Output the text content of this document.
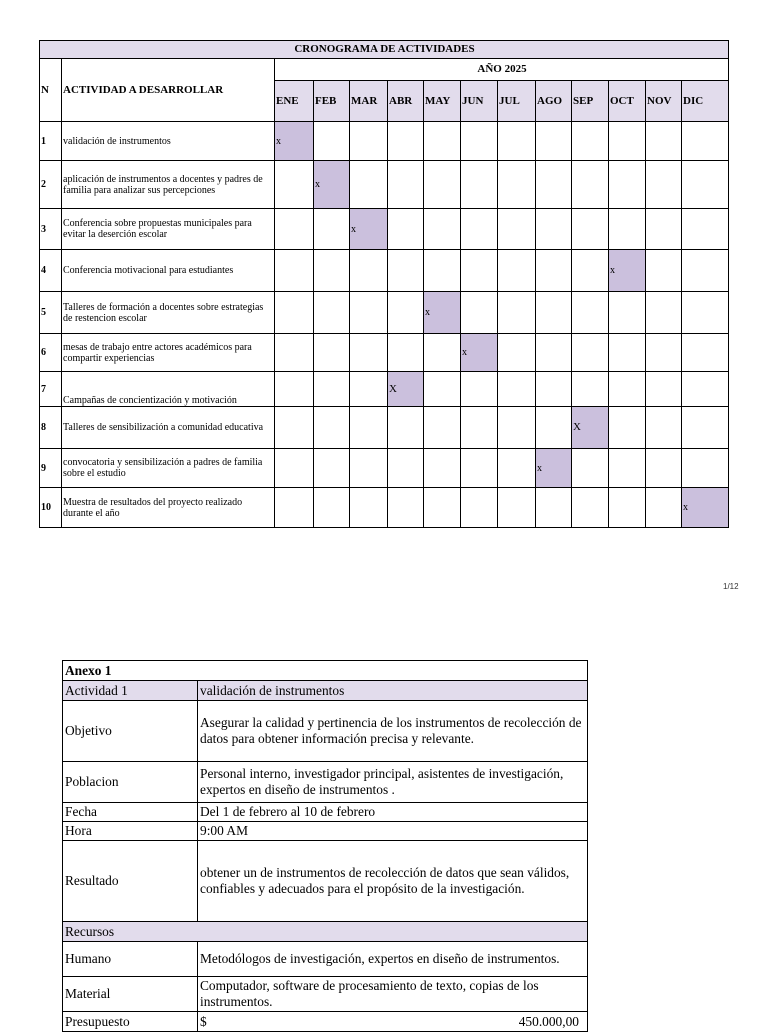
CRONOGRAMA DE ACTIVIDADES													
N	ACTIVIDAD A DESARROLLAR	AÑO 2025											
		ENE	FEB	MAR	ABR	MAY	JUN	JUL	AGO	SEP	OCT	NOV	DIC
1	validación de instrumentos	x											
2	aplicación de instrumentos a docentes y padres de familia para analizar sus percepciones		x										
3	Conferencia sobre propuestas municipales para evitar la deserción escolar			x									
4	Conferencia motivacional para estudiantes										x		
5	Talleres de formación a docentes sobre estrategias de restencion escolar					x							
6	mesas de trabajo entre actores académicos para compartir experiencias						x						
7	Campañas de concientización y motivación				X								
8	Talleres de sensibilización a comunidad educativa									X			
9	convocatoria y sensibilización a padres de familia sobre el estudio								x				
10	Muestra de resultados del proyecto realizado durante el año												x
1/12
Anexo 1	
Actividad 1	validación de instrumentos
Objetivo	Asegurar la calidad y pertinencia de los instrumentos de recolección de datos para obtener información precisa y relevante.
Poblacion	Personal interno, investigador principal, asistentes de investigación, expertos en diseño de instrumentos .
Fecha	Del 1 de febrero al 10 de febrero
Hora	9:00 AM
Resultado	obtener un de instrumentos de recolección de datos que sean válidos, confiables y adecuados para el propósito de la investigación.
Recursos	
Humano	Metodólogos de investigación, expertos en diseño de instrumentos.
Material	Computador, software de procesamiento de texto, copias de los instrumentos.
Presupuesto	$ 450.000,00
